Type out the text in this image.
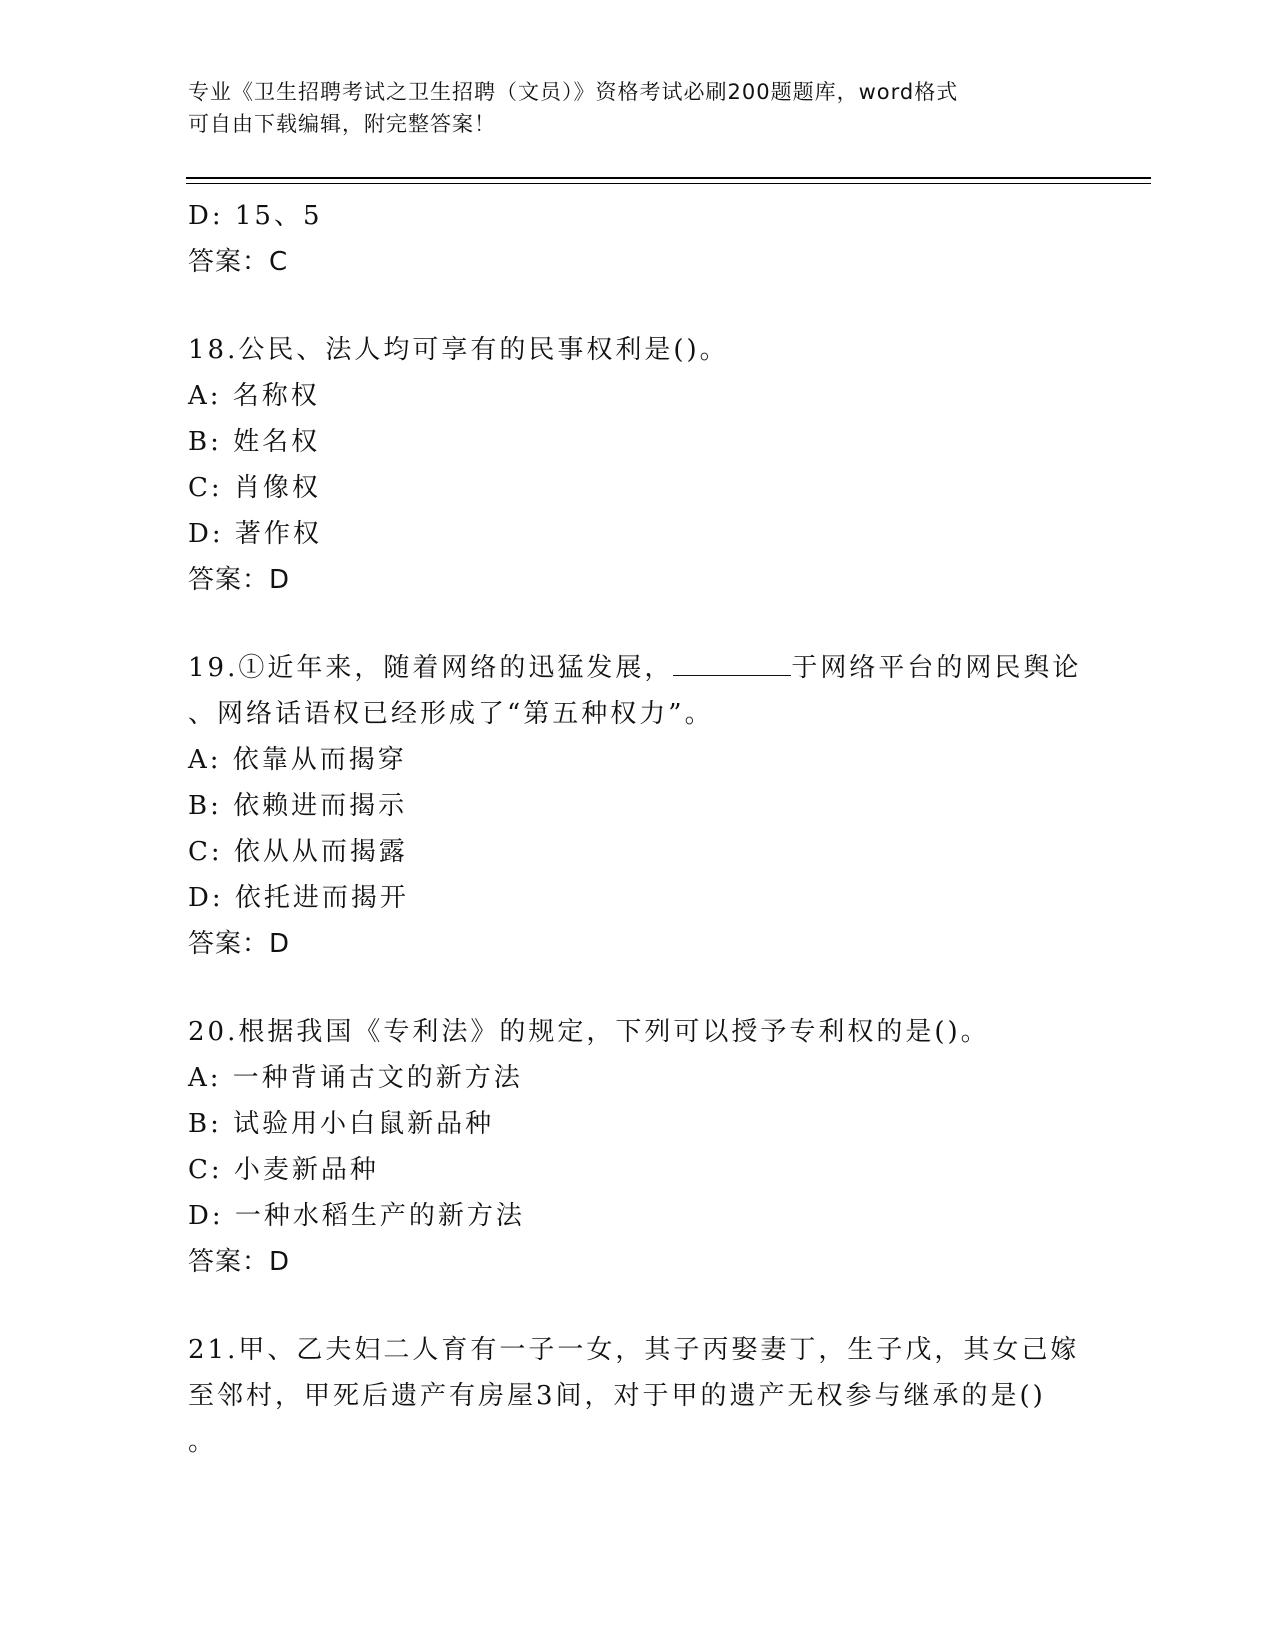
专业《卫生招聘考试之卫生招聘（文员）》资格考试必刷200题题库，word格式
可自由下载编辑，附完整答案！
D: 15、5
答案：C
18.公民、法人均可享有的民事权利是()。
A: 名称权
B: 姓名权
C: 肖像权
D: 著作权
答案：D
19.①近年来，随着网络的迅猛发展，	于网络平台的网民舆论
、网络话语权已经形成了“第五种权力”。
A: 依靠从而揭穿
B: 依赖进而揭示
C: 依从从而揭露
D: 依托进而揭开
答案：D
20.根据我国《专利法》的规定，下列可以授予专利权的是()。
A: 一种背诵古文的新方法
B: 试验用小白鼠新品种
C: 小麦新品种
D: 一种水稻生产的新方法
答案：D
21.甲、乙夫妇二人育有一子一女，其子丙娶妻丁，生子戊，其女己嫁
至邻村，甲死后遗产有房屋3间，对于甲的遗产无权参与继承的是()
。
